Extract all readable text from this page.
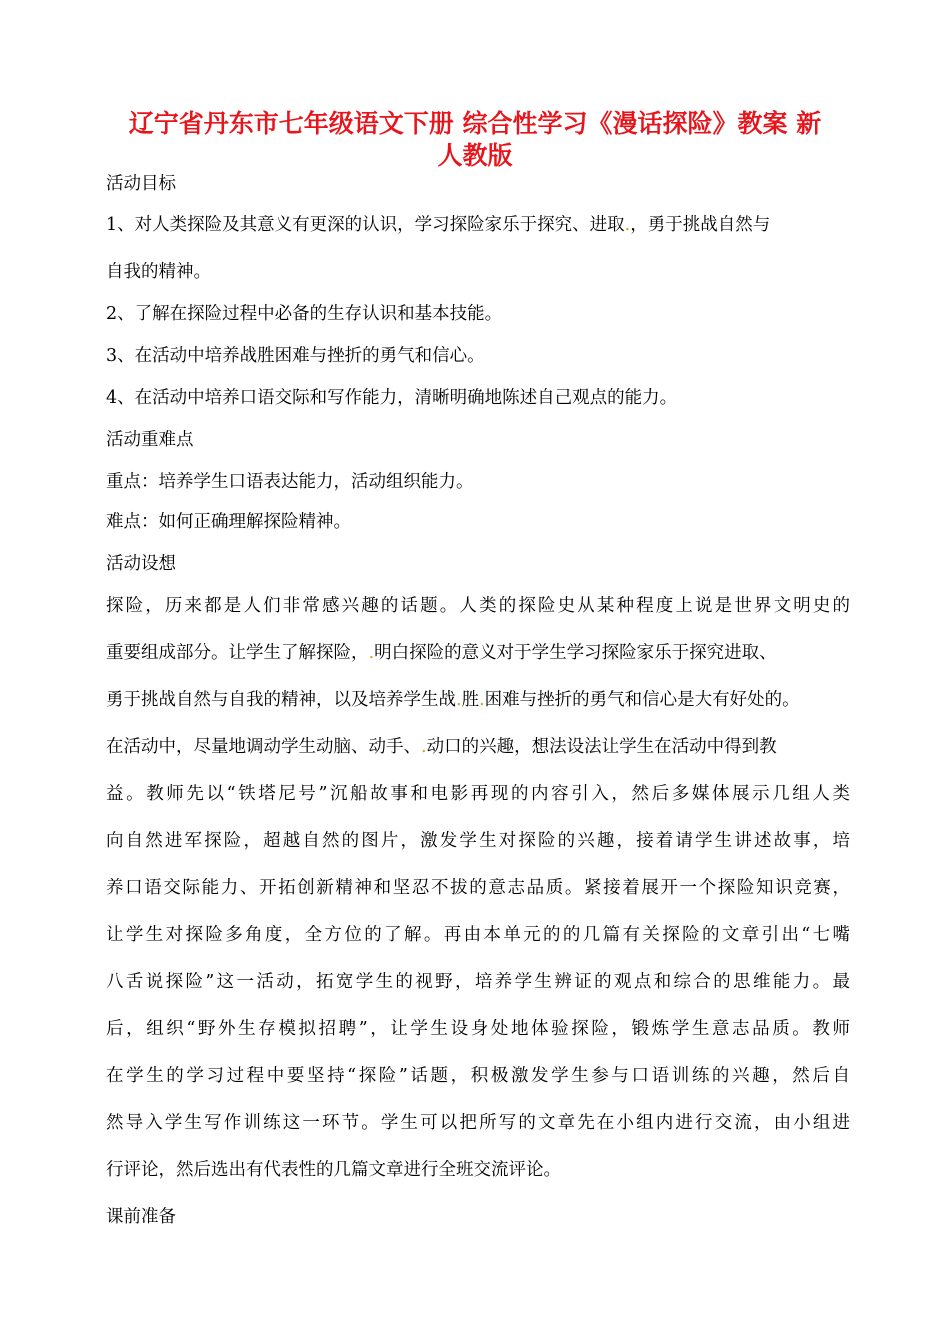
辽宁省丹东市七年级语文下册 综合性学习《漫话探险》教案 新
人教版
活动目标
1、对人类探险及其意义有更深的认识，学习探险家乐于探究、进取.，勇于挑战自然与
自我的精神。
2、了解在探险过程中必备的生存认识和基本技能。
3、在活动中培养战胜困难与挫折的勇气和信心。
4、在活动中培养口语交际和写作能力，清晰明确地陈述自己观点的能力。
活动重难点
重点：培养学生口语表达能力，活动组织能力。
难点：如何正确理解探险精神。
活动设想
探险，历来都是人们非常感兴趣的话题。人类的探险史从某种程度上说是世界文明史的
重要组成部分。让学生了解探险，.明白探险的意义对于学生学习探险家乐于探究进取、
勇于挑战自然与自我的精神，以及培养学生战.胜.困难与挫折的勇气和信心是大有好处的。
在活动中，尽量地调动学生动脑、动手、.动口的兴趣，想法设法让学生在活动中得到教
益。教师先以“铁塔尼号”沉船故事和电影再现的内容引入，然后多媒体展示几组人类
向自然进军探险，超越自然的图片，激发学生对探险的兴趣，接着请学生讲述故事，培
养口语交际能力、开拓创新精神和坚忍不拔的意志品质。紧接着展开一个探险知识竞赛，
让学生对探险多角度，全方位的了解。再由本单元的的几篇有关探险的文章引出“七嘴
八舌说探险”这一活动，拓宽学生的视野，培养学生辨证的观点和综合的思维能力。最
后，组织“野外生存模拟招聘”，让学生设身处地体验探险，锻炼学生意志品质。教师
在学生的学习过程中要坚持“探险”话题，积极激发学生参与口语训练的兴趣，然后自
然导入学生写作训练这一环节。学生可以把所写的文章先在小组内进行交流，由小组进
行评论，然后选出有代表性的几篇文章进行全班交流评论。
课前准备
